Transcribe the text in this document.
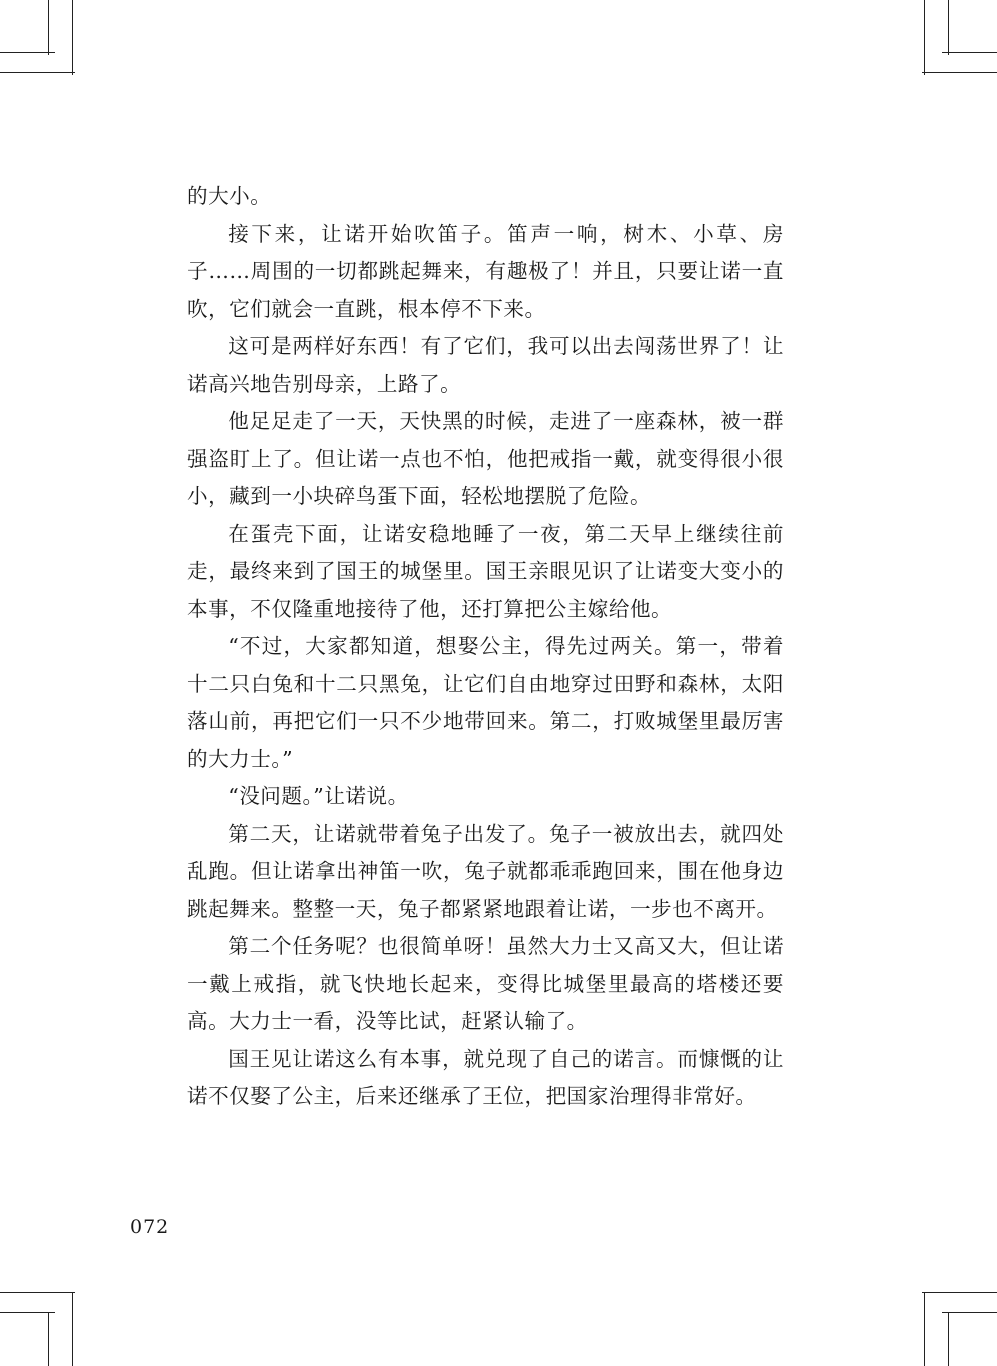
的大小。

接下来，让诺开始吹笛子。笛声一响，树木、小草、房子……周围的一切都跳起舞来，有趣极了！并且，只要让诺一直吹，它们就会一直跳，根本停不下来。

这可是两样好东西！有了它们，我可以出去闯荡世界了！让诺高兴地告别母亲，上路了。

他足足走了一天，天快黑的时候，走进了一座森林，被一群强盗盯上了。但让诺一点也不怕，他把戒指一戴，就变得很小很小，藏到一小块碎鸟蛋下面，轻松地摆脱了危险。

在蛋壳下面，让诺安稳地睡了一夜，第二天早上继续往前走，最终来到了国王的城堡里。国王亲眼见识了让诺变大变小的本事，不仅隆重地接待了他，还打算把公主嫁给他。

“不过，大家都知道，想娶公主，得先过两关。第一，带着十二只白兔和十二只黑兔，让它们自由地穿过田野和森林，太阳落山前，再把它们一只不少地带回来。第二，打败城堡里最厉害的大力士。”

“没问题。”让诺说。

第二天，让诺就带着兔子出发了。兔子一被放出去，就四处乱跑。但让诺拿出神笛一吹，兔子就都乖乖跑回来，围在他身边跳起舞来。整整一天，兔子都紧紧地跟着让诺，一步也不离开。

第二个任务呢？也很简单呀！虽然大力士又高又大，但让诺一戴上戒指，就飞快地长起来，变得比城堡里最高的塔楼还要高。大力士一看，没等比试，赶紧认输了。

国王见让诺这么有本事，就兑现了自己的诺言。而慷慨的让诺不仅娶了公主，后来还继承了王位，把国家治理得非常好。

072
